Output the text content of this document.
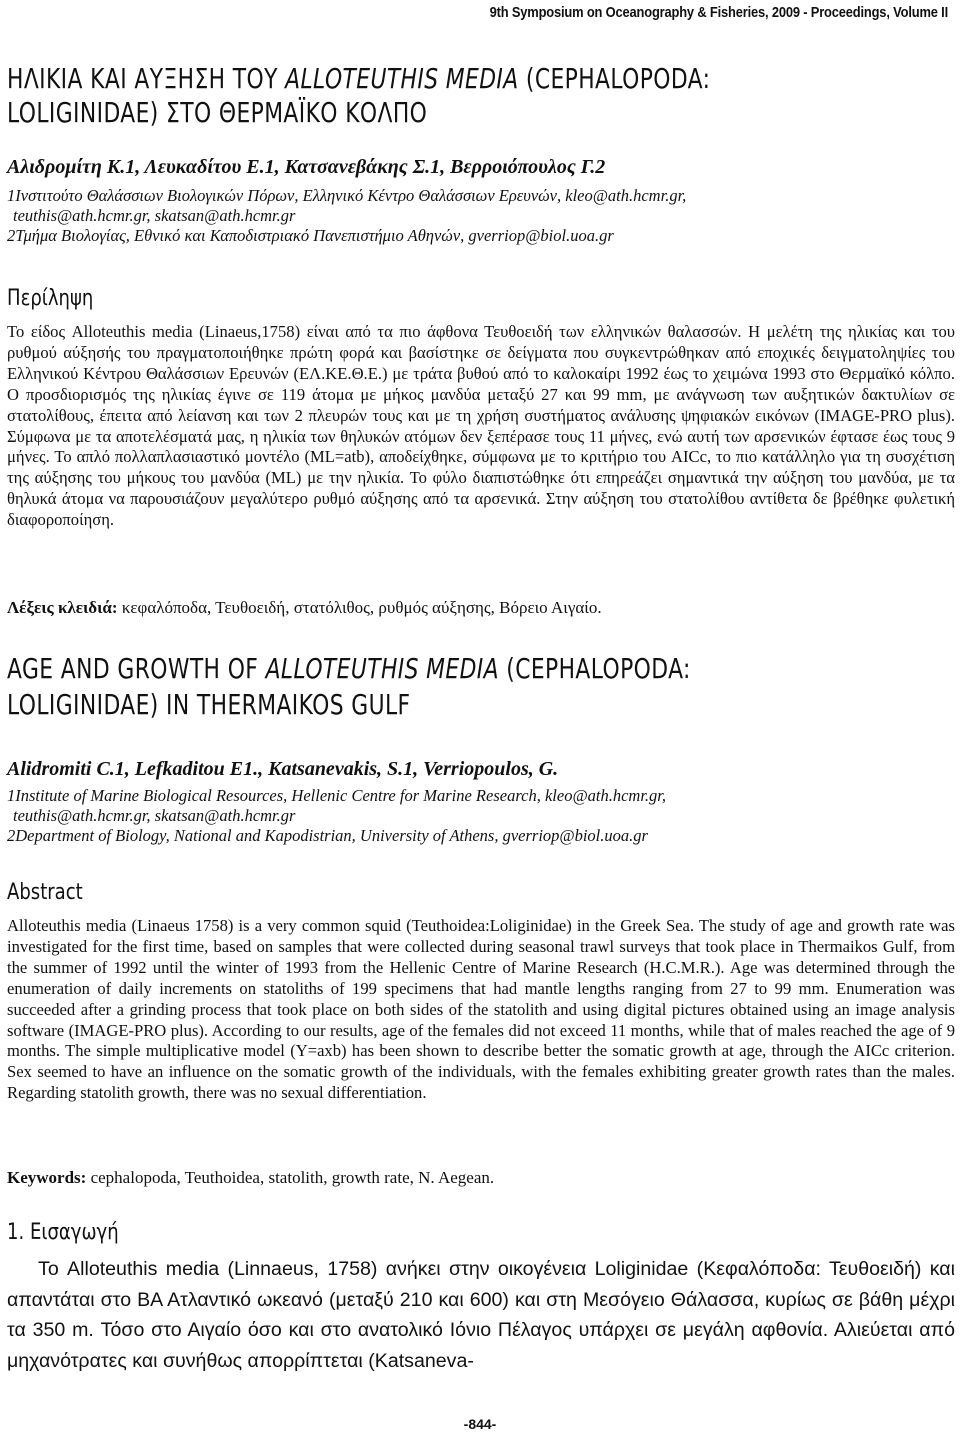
9th Symposium on Oceanography & Fisheries, 2009 - Proceedings, Volume II
ΗΛΙΚΙΑ ΚΑΙ ΑΥΞΗΣΗ ΤΟΥ ALLOTEUTHIS MEDIA (CEPHALOPODA:
LOLIGINIDAE) ΣΤΟ ΘΕΡΜΑΪΚΟ ΚΟΛΠΟ
Αλιδρομίτη Κ.1, Λευκαδίτου Ε.1, Κατσανεβάκης Σ.1, Βερροιόπουλος Γ.2
1Ινστιτούτο Θαλάσσιων Βιολογικών Πόρων, Ελληνικό Κέντρο Θαλάσσιων Ερευνών, kleo@ath.hcmr.gr,
teuthis@ath.hcmr.gr, skatsan@ath.hcmr.gr
2Τμήμα Βιολογίας, Εθνικό και Καποδιστριακό Πανεπιστήμιο Αθηνών, gverriop@biol.uoa.gr
Περίληψη
Το είδος Alloteuthis media (Linaeus,1758) είναι από τα πιο άφθονα Τευθοειδή των ελληνικών θαλασσών. Η μελέτη της ηλικίας και του ρυθμού αύξησής του πραγματοποιήθηκε πρώτη φορά και βασίστηκε σε δείγματα που συγκεντρώθηκαν από εποχικές δειγματοληψίες του Ελληνικού Κέντρου Θαλάσσιων Ερευνών (ΕΛ.ΚΕ.Θ.Ε.) με τράτα βυθού από το καλοκαίρι 1992 έως το χειμώνα 1993 στο Θερμαϊκό κόλπο. Ο προσδιορισμός της ηλικίας έγινε σε 119 άτομα με μήκος μανδύα μεταξύ 27 και 99 mm, με ανάγνωση των αυξητικών δακτυλίων σε στατολίθους, έπειτα από λείανση και των 2 πλευρών τους και με τη χρήση συστήματος ανάλυσης ψηφιακών εικόνων (IMAGE-PRO plus). Σύμφωνα με τα αποτελέσματά μας, η ηλικία των θηλυκών ατόμων δεν ξεπέρασε τους 11 μήνες, ενώ αυτή των αρσενικών έφτασε έως τους 9 μήνες. Το απλό πολλαπλασιαστικό μοντέλο (ML=atb), αποδείχθηκε, σύμφωνα με το κριτήριο του AICc, το πιο κατάλληλο για τη συσχέτιση της αύξησης του μήκους του μανδύα (ML) με την ηλικία. Το φύλο διαπιστώθηκε ότι επηρεάζει σημαντικά την αύξηση του μανδύα, με τα θηλυκά άτομα να παρουσιάζουν μεγαλύτερο ρυθμό αύξησης από τα αρσενικά. Στην αύξηση του στατολίθου αντίθετα δε βρέθηκε φυλετική διαφοροποίηση.
Λέξεις κλειδιά: κεφαλόποδα, Τευθοειδή, στατόλιθος, ρυθμός αύξησης, Βόρειο Αιγαίο.
AGE AND GROWTH OF ALLOTEUTHIS MEDIA (CEPHALOPODA:
LOLIGINIDAE) IN THERMAIKOS GULF
Alidromiti C.1, Lefkaditou E1., Katsanevakis, S.1, Verriopoulos, G.
1Institute of Marine Biological Resources, Hellenic Centre for Marine Research, kleo@ath.hcmr.gr,
teuthis@ath.hcmr.gr, skatsan@ath.hcmr.gr
2Department of Biology, National and Kapodistrian, University of Athens, gverriop@biol.uoa.gr
Abstract
Alloteuthis media (Linaeus 1758) is a very common squid (Teuthoidea:Loliginidae) in the Greek Sea. The study of age and growth rate was investigated for the first time, based on samples that were collected during seasonal trawl surveys that took place in Thermaikos Gulf, from the summer of 1992 until the winter of 1993 from the Hellenic Centre of Marine Research (H.C.M.R.). Age was determined through the enumeration of daily increments on statoliths of 199 specimens that had mantle lengths ranging from 27 to 99 mm. Enumeration was succeeded after a grinding process that took place on both sides of the statolith and using digital pictures obtained using an image analysis software (IMAGE-PRO plus). According to our results, age of the females did not exceed 11 months, while that of males reached the age of 9 months. The simple multiplicative model (Y=axb) has been shown to describe better the somatic growth at age, through the AICc criterion. Sex seemed to have an influence on the somatic growth of the individuals, with the females exhibiting greater growth rates than the males. Regarding statolith growth, there was no sexual differentiation.
Keywords: cephalopoda, Teuthoidea, statolith, growth rate, N. Aegean.
1. Εισαγωγή
Το Alloteuthis media (Linnaeus, 1758) ανήκει στην οικογένεια Loliginidae (Κεφαλόποδα: Τευθοειδή) και απαντάται στο ΒΑ Ατλαντικό ωκεανό (μεταξύ 210 και 600) και στη Μεσόγειο Θάλασσα, κυρίως σε βάθη μέχρι τα 350 m. Τόσο στο Αιγαίο όσο και στο ανατολικό Ιόνιο Πέλαγος υπάρχει σε μεγάλη αφθονία. Αλιεύεται από μηχανότρατες και συνήθως απορρίπτεται (Katsaneva-
-844-
